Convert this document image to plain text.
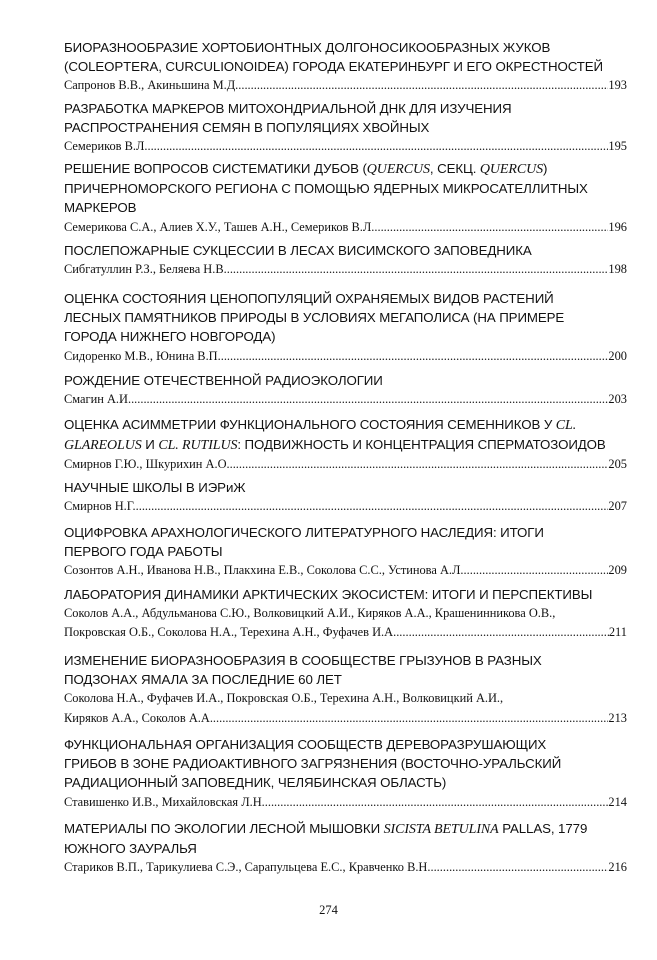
БИОРАЗНООБРАЗИЕ ХОРТОБИОНТНЫХ ДОЛГОНОСИКООБРАЗНЫХ ЖУКОВ
(COLEOPTERA, CURCULIONOIDEA) ГОРОДА ЕКАТЕРИНБУРГ И ЕГО ОКРЕСТНОСТЕЙ
Сапронов В.В., Акиньшина М.Д. .....	193
РАЗРАБОТКА МАРКЕРОВ МИТОХОНДРИАЛЬНОЙ ДНК ДЛЯ ИЗУЧЕНИЯ
РАСПРОСТРАНЕНИЯ СЕМЯН В ПОПУЛЯЦИЯХ ХВОЙНЫХ
Семериков В.Л .....	195
РЕШЕНИЕ ВОПРОСОВ СИСТЕМАТИКИ ДУБОВ (QUERCUS, СЕКЦ. QUERCUS)
ПРИЧЕРНОМОРСКОГО РЕГИОНА С ПОМОЩЬЮ ЯДЕРНЫХ МИКРОСАТЕЛЛИТНЫХ
МАРКЕРОВ
Семерикова С.А., Алиев Х.У., Ташев А.Н., Семериков В.Л. .....	196
ПОСЛЕПОЖАРНЫЕ СУКЦЕССИИ В ЛЕСАХ ВИСИМСКОГО ЗАПОВЕДНИКА
Сибгатуллин Р.З., Беляева Н.В. .....	198
ОЦЕНКА СОСТОЯНИЯ ЦЕНОПОПУЛЯЦИЙ ОХРАНЯЕМЫХ ВИДОВ РАСТЕНИЙ
ЛЕСНЫХ ПАМЯТНИКОВ ПРИРОДЫ В УСЛОВИЯХ МЕГАПОЛИСА (НА ПРИМЕРЕ
ГОРОДА НИЖНЕГО НОВГОРОДА)
Сидоренко М.В., Юнина В.П. .....	200
РОЖДЕНИЕ ОТЕЧЕСТВЕННОЙ РАДИОЭКОЛОГИИ
Смагин А.И. .....	203
ОЦЕНКА АСИММЕТРИИ ФУНКЦИОНАЛЬНОГО СОСТОЯНИЯ СЕМЕННИКОВ У CL.
GLAREOLUS И CL. RUTILUS: ПОДВИЖНОСТЬ И КОНЦЕНТРАЦИЯ СПЕРМАТОЗОИДОВ
Смирнов Г.Ю., Шкурихин А.О. .....	205
НАУЧНЫЕ ШКОЛЫ В ИЭРиЖ
Смирнов Н.Г. .....	207
ОЦИФРОВКА АРАХНОЛОГИЧЕСКОГО ЛИТЕРАТУРНОГО НАСЛЕДИЯ: ИТОГИ
ПЕРВОГО ГОДА РАБОТЫ
Созонтов А.Н., Иванова Н.В., Плакхина Е.В., Соколова С.С., Устинова А.Л. .....	209
ЛАБОРАТОРИЯ ДИНАМИКИ АРКТИЧЕСКИХ ЭКОСИСТЕМ: ИТОГИ И ПЕРСПЕКТИВЫ
Соколов А.А., Абдульманова С.Ю., Волковицкий А.И., Киряков А.А., Крашенинникова О.В.,
Покровская О.Б., Соколова Н.А., Терехина А.Н., Фуфачев И.А .....	211
ИЗМЕНЕНИЕ БИОРАЗНООБРАЗИЯ В СООБЩЕСТВЕ ГРЫЗУНОВ В РАЗНЫХ
ПОДЗОНАХ ЯМАЛА ЗА ПОСЛЕДНИЕ 60 ЛЕТ
Соколова Н.А., Фуфачев И.А., Покровская О.Б., Терехина А.Н., Волковицкий А.И.,
Киряков А.А., Соколов А.А. .....	213
ФУНКЦИОНАЛЬНАЯ ОРГАНИЗАЦИЯ СООБЩЕСТВ ДЕРЕВОРАЗРУШАЮЩИХ
ГРИБОВ В ЗОНЕ РАДИОАКТИВНОГО ЗАГРЯЗНЕНИЯ (ВОСТОЧНО-УРАЛЬСКИЙ
РАДИАЦИОННЫЙ ЗАПОВЕДНИК, ЧЕЛЯБИНСКАЯ ОБЛАСТЬ)
Ставишенко И.В., Михайловская Л.Н. .....	214
МАТЕРИАЛЫ ПО ЭКОЛОГИИ ЛЕСНОЙ МЫШОВКИ SICISTA BETULINA PALLAS, 1779
ЮЖНОГО ЗАУРАЛЬЯ
Стариков В.П., Тарикулиева С.Э., Сарапульцева Е.С., Кравченко В.Н. .....	216
274
